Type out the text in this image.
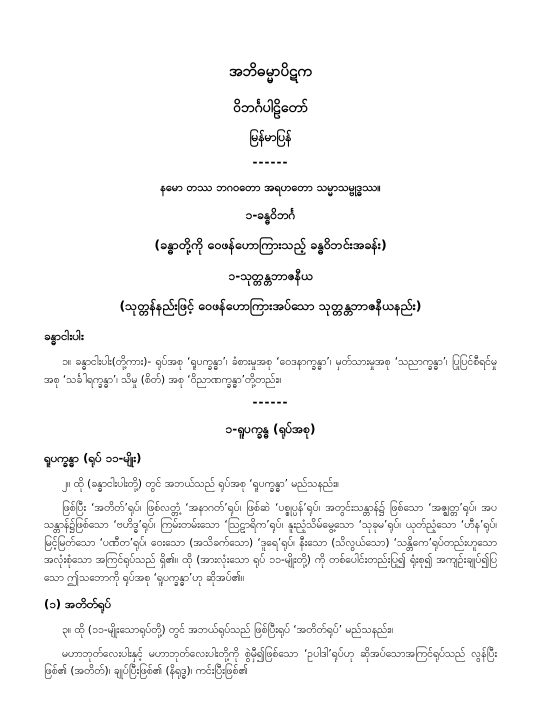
အဘိဓမ္မာပိဋက
ဝိဘင်္ဂပါဠိတော်
မြန်မာပြန်
------
နမော တဿ ဘဂဝတော အရဟတော သမ္မာသမ္ဗုဒ္ဓဿ။
၁-ခန္ဓဝိဘင်္ဂ
(ခန္ဓာတို့ကို ဝေဖန်ဟောကြားသည့် ခန္ဓဝိဘင်းအခန်း)
၁-သုတ္တန္တဘာဇနီယ
(သုတ္တန်နည်းဖြင့် ဝေဖန်ဟောကြားအပ်သော သုတ္တန္တဘာဇနီယနည်း)
ခန္ဓာငါးပါး

၁။ ခန္ဓာငါးပါး(တို့ကား)- ရုပ်အစု ‘ရူပက္ခန္ဓာ’၊ ခံစားမှုအစု ‘ဝေဒနာက္ခန္ဓာ’၊ မှတ်သားမှုအစု ‘သညာက္ခန္ဓာ’၊ ပြုပြင်စီရင်မှုအစု ‘သင်္ခါရက္ခန္ဓာ’၊ သိမှု (စိတ်) အစု ‘ဝိညာဏက္ခန္ဓာ’တို့တည်း။

------
၁-ရူပက္ခန္ဓ (ရုပ်အစု)
ရူပက္ခန္ဓာ (ရုပ် ၁၁-မျိုး)

၂။ ထို (ခန္ဓာငါးပါးတို့) တွင် အဘယ်သည် ရုပ်အစု ‘ရူပက္ခန္ဓာ’ မည်သနည်း။

ဖြစ်ပြီး ‘အတိတ်’ရုပ်၊ ဖြစ်လတ္တံ့ ‘အနာဂတ်’ရုပ်၊ ဖြစ်ဆဲ ‘ပစ္စုပ္ပန်’ရုပ်၊ အတွင်းသန္တာန်၌ ဖြစ်သော ‘အဇ္ဈတ္တ’ရုပ်၊ အပသန္တာန်၌ဖြစ်သော ‘ဗဟိဒ္ဓ’ရုပ်၊ ကြမ်းတမ်းသော ‘ဩဠာရိက’ရုပ်၊ နူးညံ့သိမ်မွေ့သော ‘သုခုမ’ရုပ်၊ ယုတ်ညံ့သော ‘ဟီန’ရုပ်၊ မြင့်မြတ်သော ‘ပဏီတ’ရုပ်၊ ဝေးသော (အသိခက်သော) ‘ဒူရေ’ရုပ်၊ နီးသော (သိလွယ်သော) ‘သန္တိကေ’ရုပ်တည်းဟူသော အလုံးစုံသော အကြင်ရုပ်သည် ရှိ၏။ ထို (အားလုံးသော ရုပ် ၁၁-မျိုးတို့) ကို တစ်ပေါင်းတည်းပြု၍ ရုံးစု၍ အကျဉ်းချုပ်၍ပြသော ဤသဘောကို ရုပ်အစု ‘ရူပက္ခန္ဓာ’ဟု ဆိုအပ်၏။

(၁) အတိတ်ရုပ်

၃။ ထို (၁၁-မျိုးသောရုပ်တို့) တွင် အဘယ်ရုပ်သည် ဖြစ်ပြီးရုပ် ‘အတိတ်ရုပ်’ မည်သနည်း။

မဟာဘုတ်လေးပါးနှင့် မဟာဘုတ်လေးပါးတို့ကို စွဲမှီ၍ဖြစ်သော ‘ဥပါဒါ’ရုပ်ဟု ဆိုအပ်သောအကြင်ရုပ်သည် လွန်ပြီးဖြစ်၏ (အတိတ်)၊ ချုပ်ပြီးဖြစ်၏ (နိရုဒ္ဓ)၊ ကင်းပြီးဖြစ်၏
